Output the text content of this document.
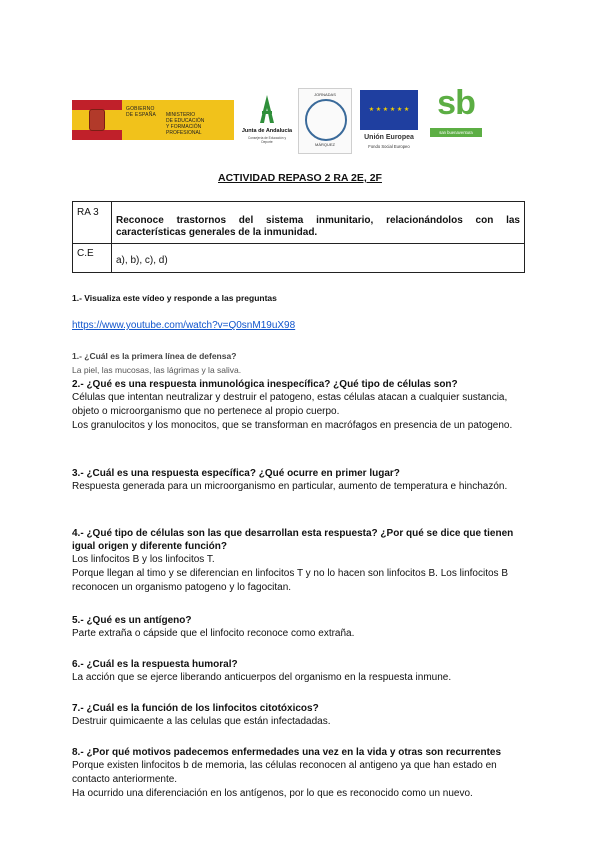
GOBIERNO
DE ESPAÑA MINISTERIO
DE EDUCACIÓN
Y FORMACIÓN PROFESIONAL	Junta de Andalucía
Consejería de Educación y Deporte
JORNADAS
MÁRQUEZ
★ ★ ★ ★ ★ ★
Unión Europea
Fondo Social Europeo
sb
san buenaventura
ACTIVIDAD REPASO 2 RA 2E, 2F
RA 3	Reconoce trastornos del sistema inmunitario, relacionándolos con las características generales de la inmunidad.
C.E	a), b), c), d)
1.- Visualiza este vídeo y responde a las preguntas
https://www.youtube.com/watch?v=Q0snM19uX98
1.- ¿Cuál es la primera línea de defensa?
La piel, las mucosas, las lágrimas y la saliva.
2.- ¿Qué es una respuesta inmunológica inespecífica? ¿Qué tipo de células son?
Células que intentan neutralizar y destruir el patogeno, estas células atacan a cualquier sustancia, objeto o microorganismo que no pertenece al propio cuerpo.
Los granulocitos y los monocitos, que se transforman en macrófagos en presencia de un patogeno.
3.- ¿Cuál es una respuesta específica? ¿Qué ocurre en primer lugar?
Respuesta generada para un microorganismo en particular, aumento de temperatura e hinchazón.
4.- ¿Qué tipo de células son las que desarrollan esta respuesta? ¿Por qué se dice que tienen igual origen y diferente función?
Los linfocitos B y los linfocitos T.
Porque llegan al timo y se diferencian en linfocitos T y no lo hacen son linfocitos B. Los linfocitos B reconocen un organismo patogeno y lo fagocitan.
5.- ¿Qué es un antígeno?
Parte extraña o cápside que el linfocito reconoce como extraña.
6.- ¿Cuál es la respuesta humoral?
La acción que se ejerce liberando anticuerpos del organismo en la respuesta inmune.
7.- ¿Cuál es la función de los linfocitos citotóxicos?
Destruir quimicaente a las celulas que están infectadadas.
8.- ¿Por qué motivos padecemos enfermedades una vez en la vida y otras son recurrentes
Porque existen linfocitos b de memoria, las células reconocen al antigeno ya que han estado en contacto anteriormente.
Ha ocurrido una diferenciación en los antígenos, por lo que es reconocido como un nuevo.
